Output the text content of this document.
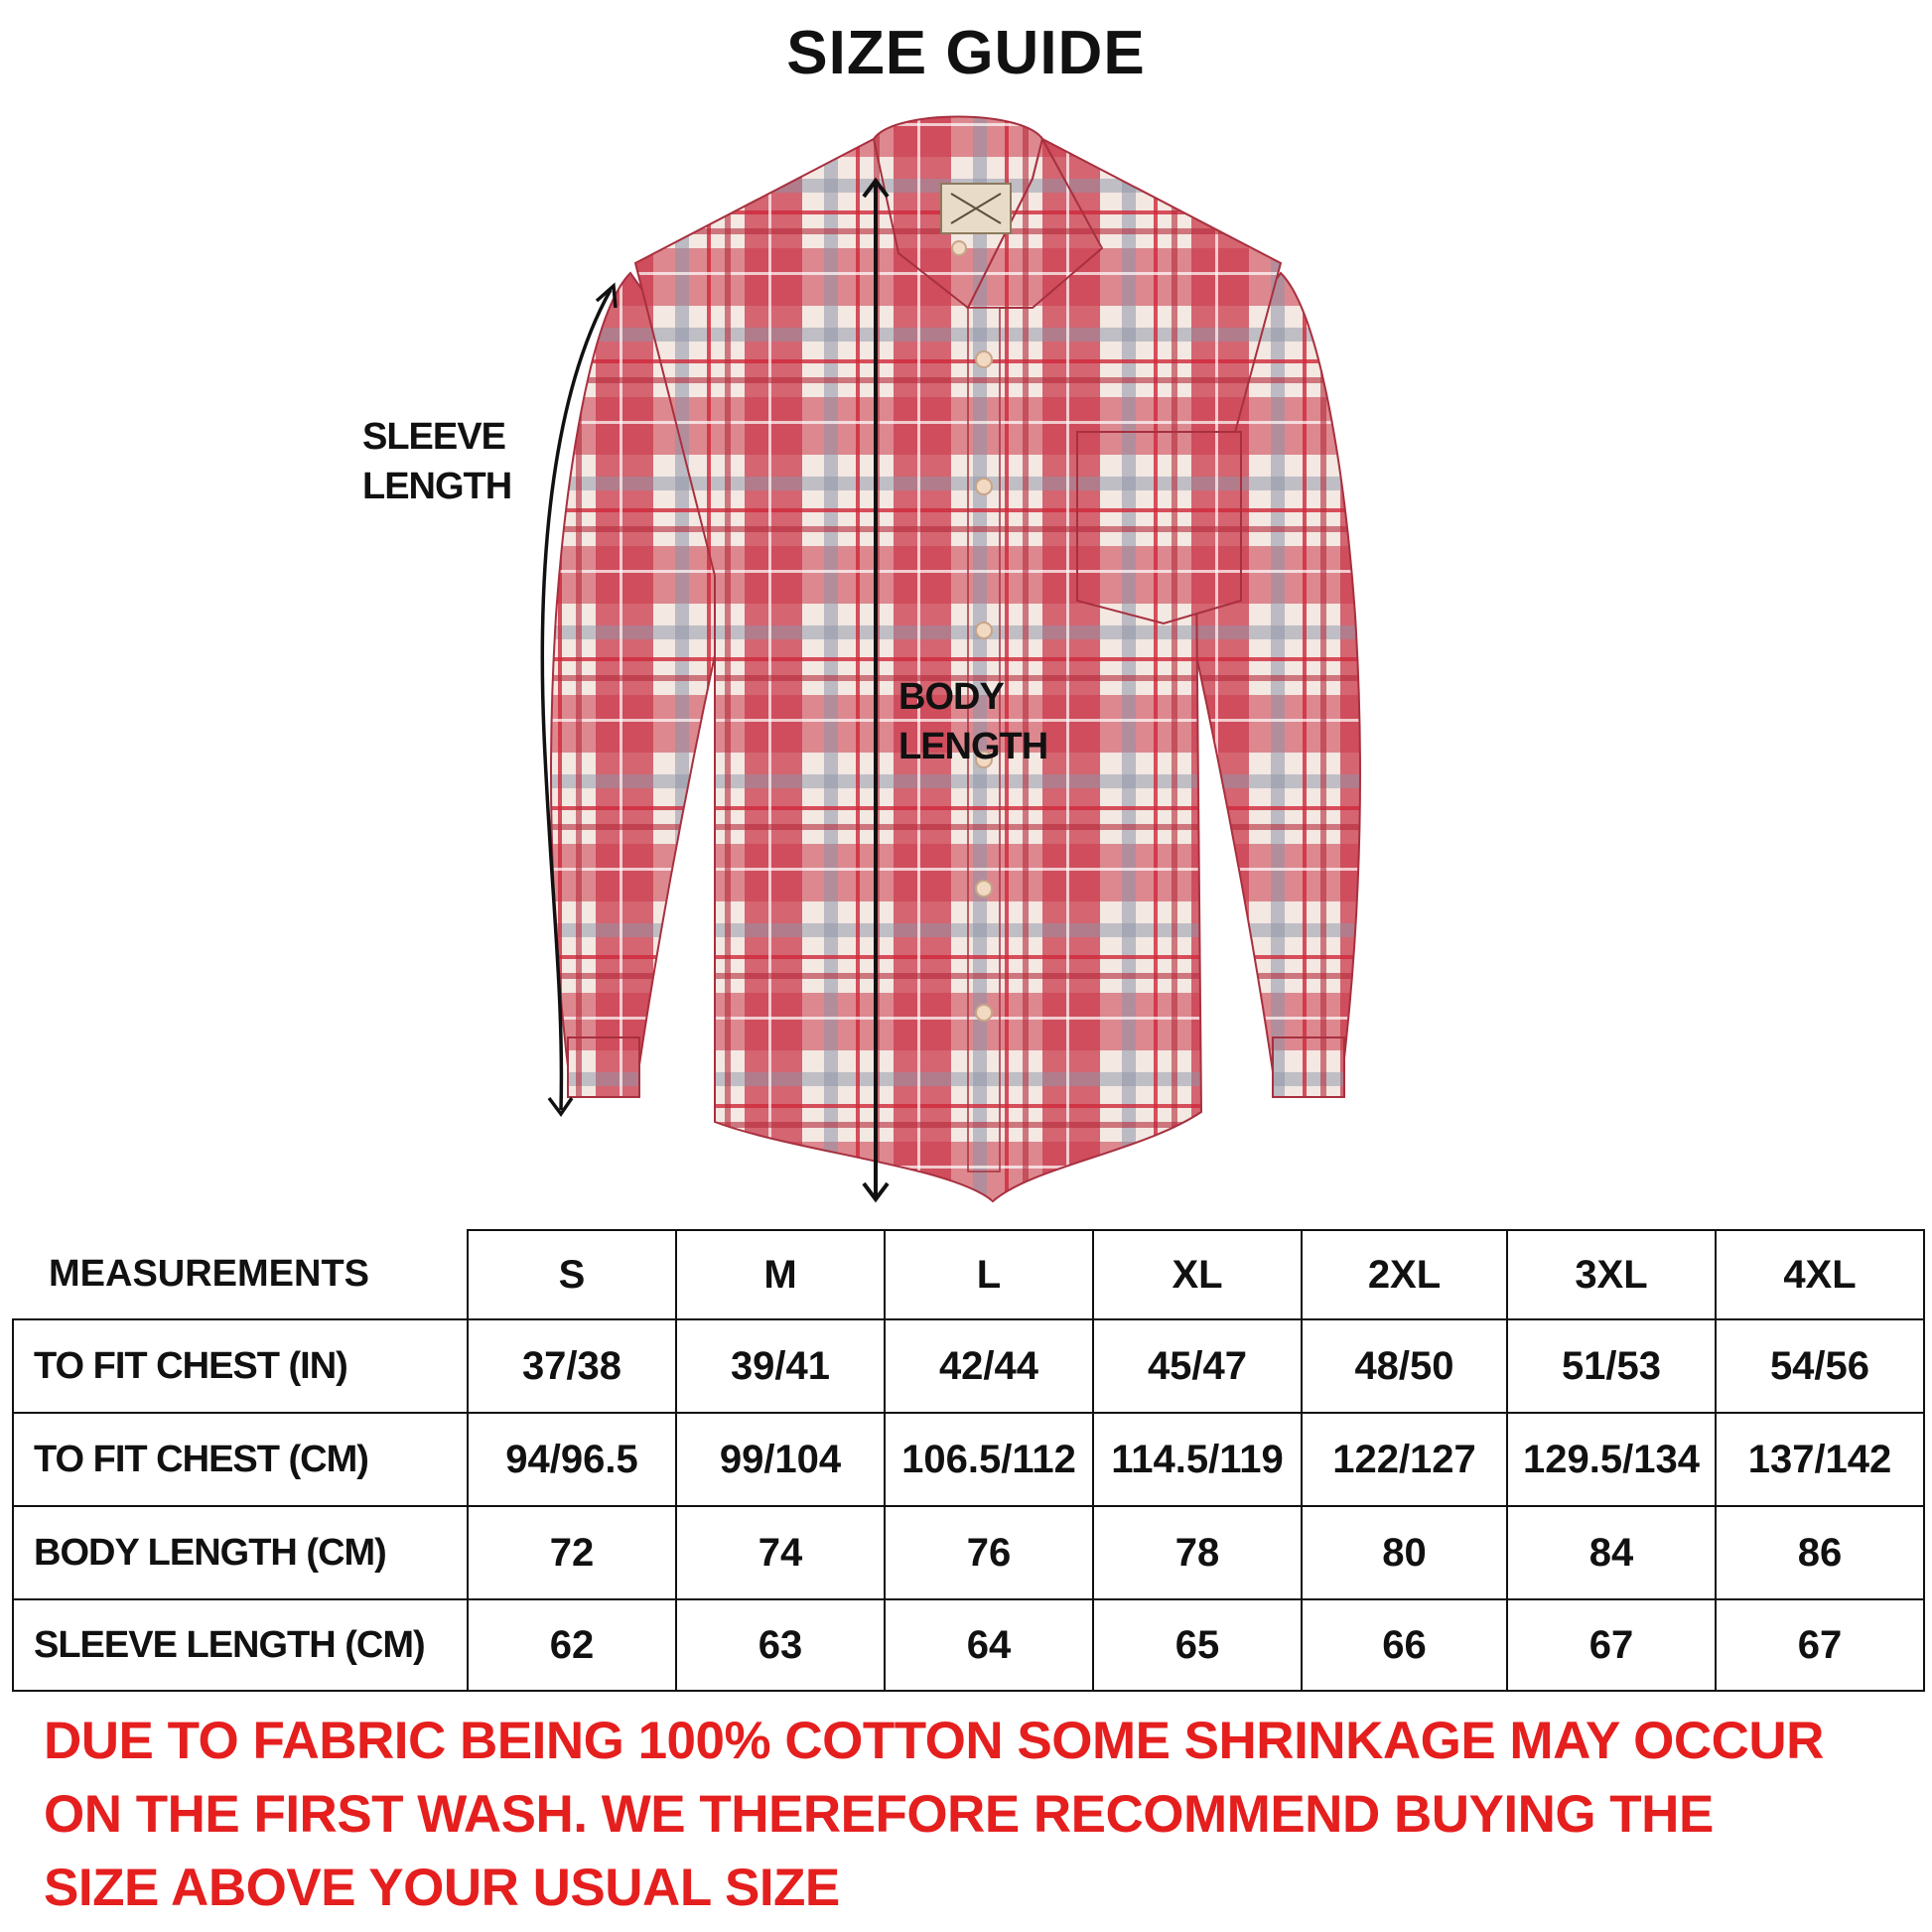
SIZE GUIDE
SLEEVE
LENGTH
BODY
LENGTH
MEASUREMENTS	S	M	L	XL	2XL	3XL	4XL
TO FIT CHEST (IN)	37/38	39/41	42/44	45/47	48/50	51/53	54/56
TO FIT CHEST (CM)	94/96.5	99/104	106.5/112	114.5/119	122/127	129.5/134	137/142
BODY LENGTH (CM)	72	74	76	78	80	84	86
SLEEVE LENGTH (CM)	62	63	64	65	66	67	67
DUE TO FABRIC BEING 100% COTTON SOME SHRINKAGE MAY OCCUR
ON THE FIRST WASH. WE THEREFORE RECOMMEND BUYING THE
SIZE ABOVE YOUR USUAL SIZE
